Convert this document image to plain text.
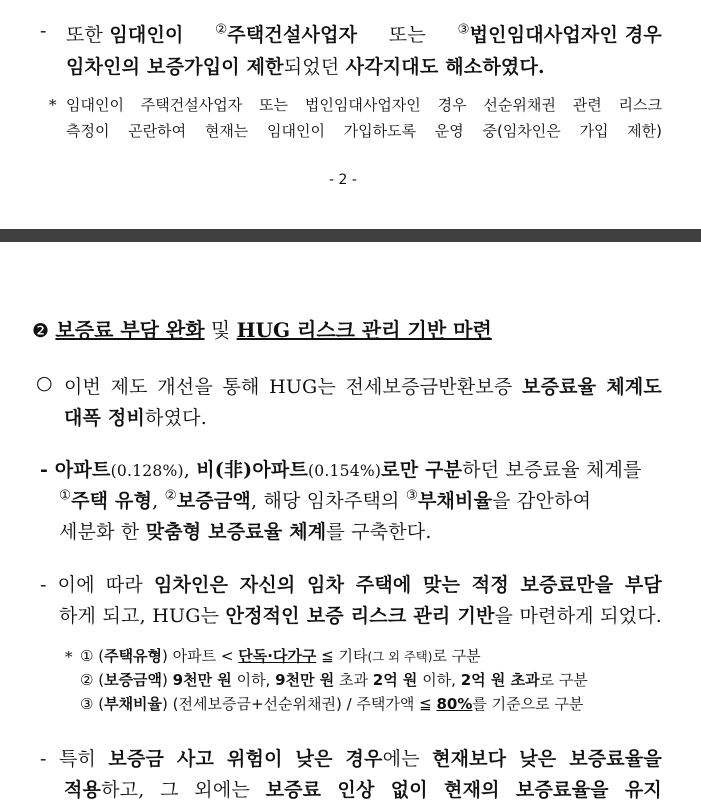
- 또한 임대인이 ②주택건설사업자 또는 ③법인임대사업자인 경우
임차인의 보증가입이 제한되었던 사각지대도 해소하였다.
* 임대인이 주택건설사업자 또는 법인임대사업자인 경우 선순위채권 관련 리스크
측정이 곤란하여 현재는 임대인이 가입하도록 운영 중(임차인은 가입 제한)
- 2 -
❷ 보증료 부담 완화 및 HUG 리스크 관리 기반 마련
○ 이번 제도 개선을 통해 HUG는 전세보증금반환보증 보증료율 체계도
대폭 정비하였다.
- 아파트(0.128%), 비(非)아파트(0.154%)로만 구분하던 보증료율 체계를
①주택 유형, ②보증금액, 해당 임차주택의 ③부채비율을 감안하여
세분화 한 맞춤형 보증료율 체계를 구축한다.
- 이에 따라 임차인은 자신의 임차 주택에 맞는 적정 보증료만을 부담
하게 되고, HUG는 안정적인 보증 리스크 관리 기반을 마련하게 되었다.
* ① (주택유형) 아파트 < 단독·다가구 ≦ 기타(그 외 주택)로 구분
② (보증금액) 9천만 원 이하, 9천만 원 초과 2억 원 이하, 2억 원 초과로 구분
③ (부채비율) (전세보증금+선순위채권) / 주택가액 ≦ 80%를 기준으로 구분
- 특히 보증금 사고 위험이 낮은 경우에는 현재보다 낮은 보증료율을
적용하고, 그 외에는 보증료 인상 없이 현재의 보증료율을 유지
